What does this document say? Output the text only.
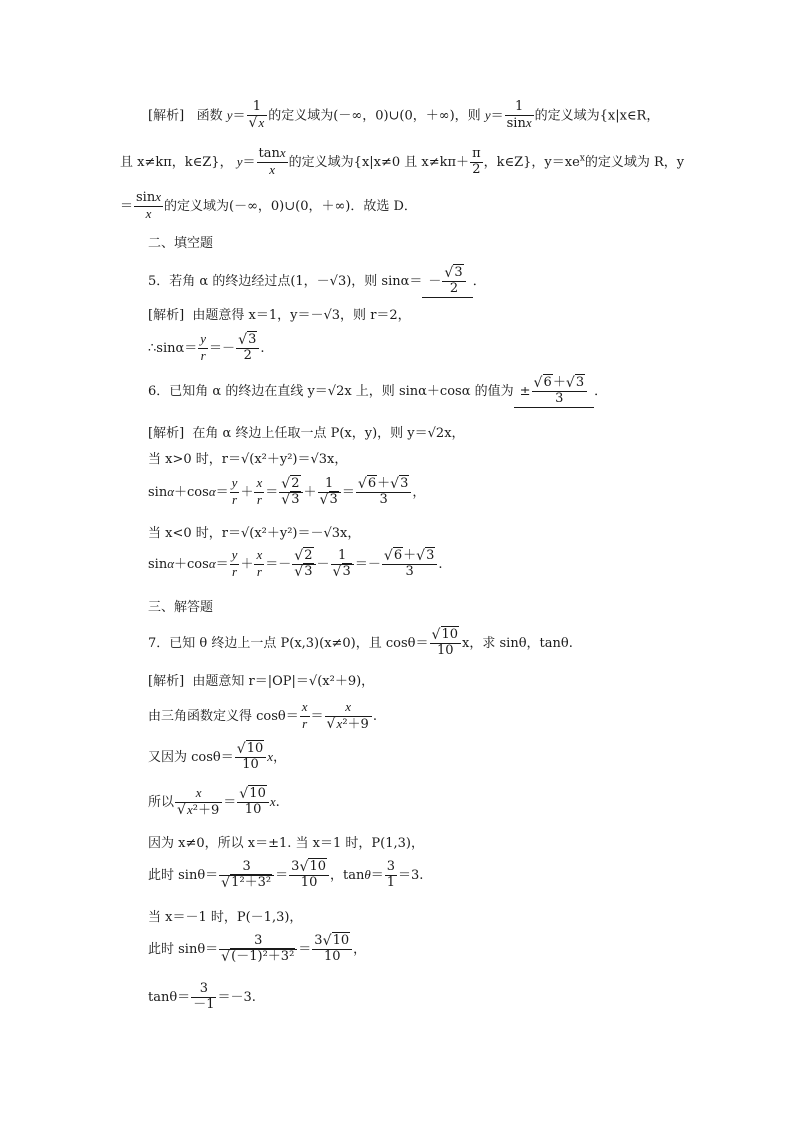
[解析] 函数 y＝ 1
√ x 的定义域为(－∞，0)∪(0，＋∞)，则 $y= \frac{1}{\sin x}$ 的定义域为{x|x∈R，
且 x≠kπ，k∈Z}， $y= \frac{\tan x}{x}$ 的定义域为{x|x≠0 且 $x\ne k\pi+ \frac{\pi}{2}$ ，k∈Z}，$y=xe^x$的定义域为 R，y
＝ $\frac{\sin x}{x}$ 的定义域为(－∞，0)∪(0，＋∞)．故选 D．
二、填空题
5．若角 α 的终边经过点(1，－√3)，则 sinα＝ － √ $\frac{3}{2}$ ．
[解析] 由题意得 x＝1，y＝－√3，则 r＝2，
∴sinα＝ $\frac{y}{r}$ ＝－ √ $\frac{3}{2}$ .
6．已知角 α 的终边在直线 y＝√2x 上，则 sinα＋cosα 的值为 ± √ $\frac{6+ √ 3}{3}$ ．
[解析] 在角 α 终边上任取一点 P(x，y)，则 y＝√2x，
当 x>0 时，r＝√(x²＋y²)＝√3x，
$\sin\alpha+\cos\alpha= \frac{y}{r} + \frac{x}{r}$ ＝ √ 2
√ 3 ＋ 1
√ 3 ＝ √ $\frac{6+ √ 3}{3}$ ，
当 x<0 时，r＝√(x²＋y²)＝－√3x，
$\sin\alpha+\cos\alpha= \frac{y}{r} + \frac{x}{r}$ ＝－ √ 2
√ 3 － 1
√ 3 ＝－ √ $\frac{6+ √ 3}{3}$ .
三、解答题
7．已知 θ 终边上一点 P(x,3)(x≠0)，且 cosθ＝ √ $\frac{10}{10}$ x，求 sinθ，tanθ.
[解析] 由题意知 r＝|OP|＝√(x²＋9)，
由三角函数定义得 $\cos\theta= \frac{x}{r} = x$
√ x²＋9 .
又因为 cosθ＝ √ $\frac{10}{10}$ x，
所以 x
√ x²＋9 ＝ √ $\frac{10}{10} x$.
因为 x≠0，所以 x＝±1. 当 x＝1 时，P(1,3)，
此时 sinθ＝ 3
√ $1^2+3^2 = \frac{3 √ 10}{10}$ ，$\tan\theta= \frac{3}{1} =3$.
当 x＝－1 时，P(－1,3)，
此时 sinθ＝ 3
√ $(-1)^2+3^2 = \frac{3 √ 10}{10}$ ，
$\tan\theta= \frac{3}{-1} =-3$.
